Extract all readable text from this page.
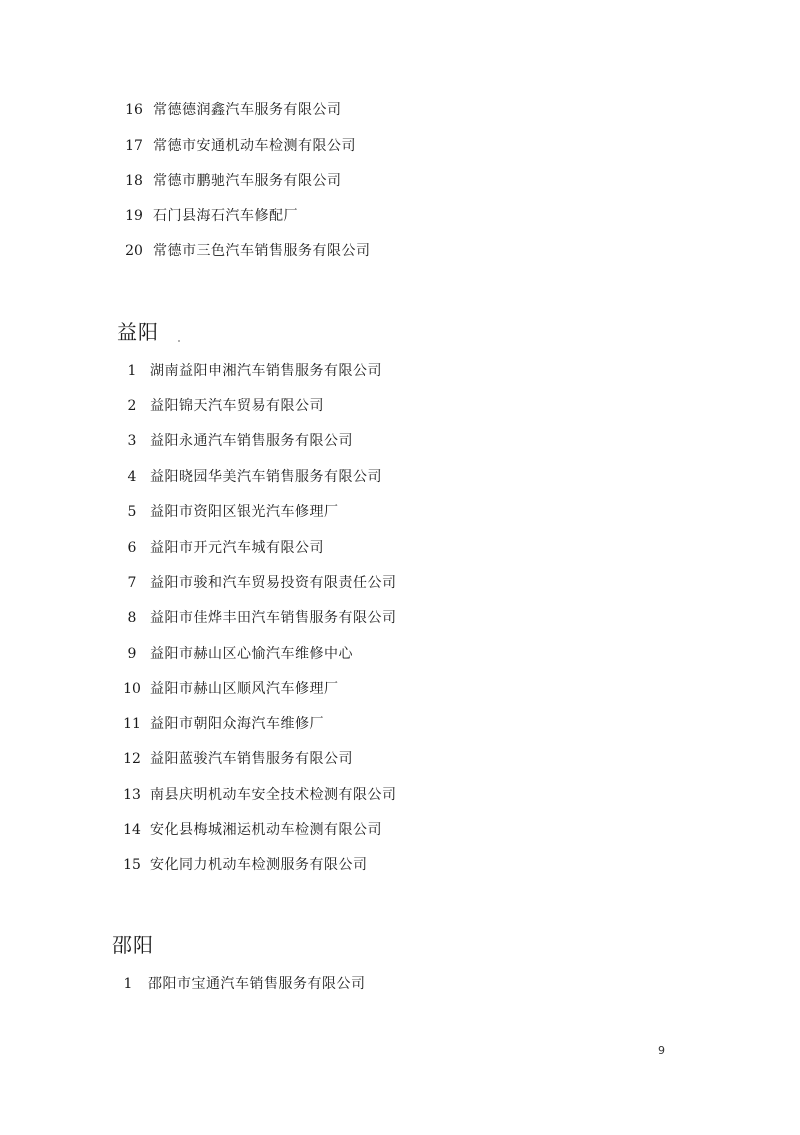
16 常德德润鑫汽车服务有限公司
17 常德市安通机动车检测有限公司
18 常德市鹏驰汽车服务有限公司
19 石门县海石汽车修配厂
20 常德市三色汽车销售服务有限公司
益阳
1 湖南益阳申湘汽车销售服务有限公司
2 益阳锦天汽车贸易有限公司
3 益阳永通汽车销售服务有限公司
4 益阳晓园华美汽车销售服务有限公司
5 益阳市资阳区银光汽车修理厂
6 益阳市开元汽车城有限公司
7 益阳市骏和汽车贸易投资有限责任公司
8 益阳市佳烨丰田汽车销售服务有限公司
9 益阳市赫山区心愉汽车维修中心
10 益阳市赫山区顺风汽车修理厂
11 益阳市朝阳众海汽车维修厂
12 益阳蓝骏汽车销售服务有限公司
13 南县庆明机动车安全技术检测有限公司
14 安化县梅城湘运机动车检测有限公司
15 安化同力机动车检测服务有限公司
邵阳
1	邵阳市宝通汽车销售服务有限公司
9
